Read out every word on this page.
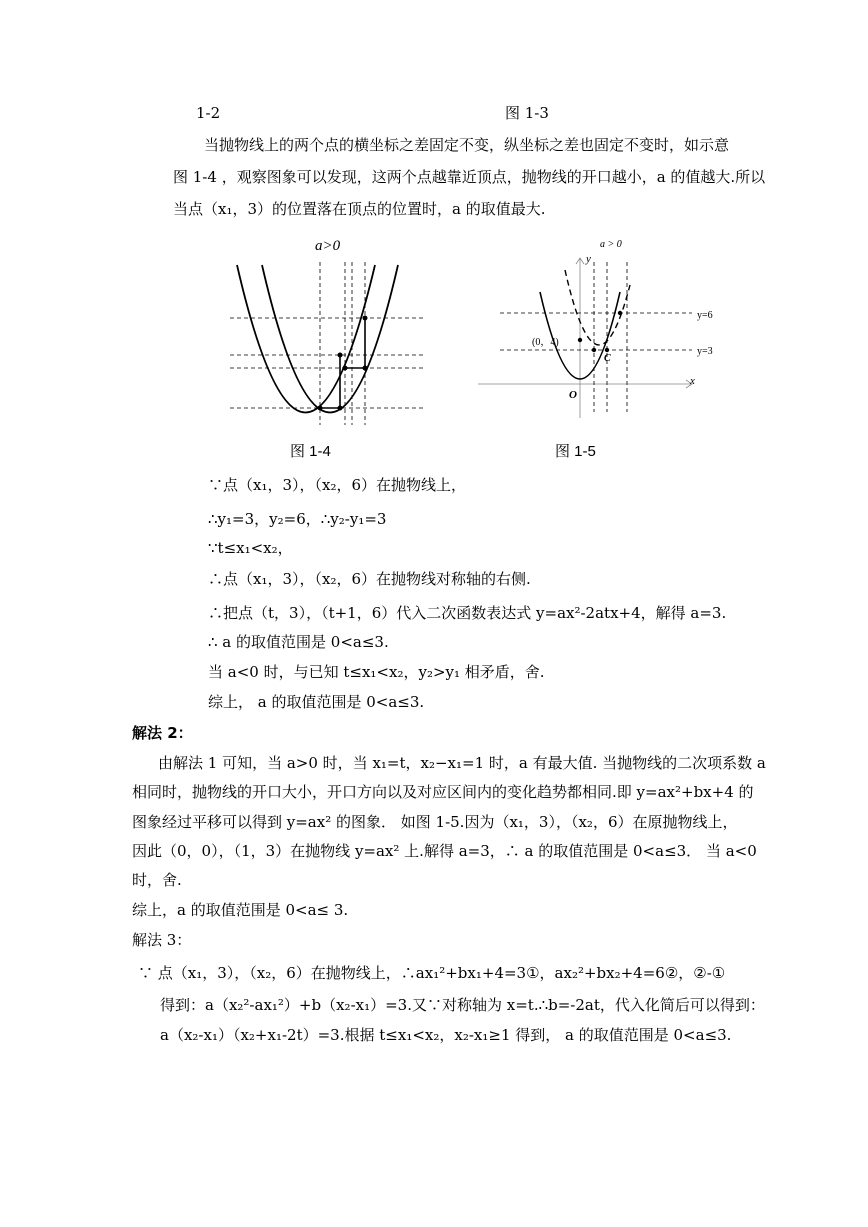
1-2	图 1-3
当抛物线上的两个点的横坐标之差固定不变，纵坐标之差也固定不变时，如示意
图 1-4 ，观察图象可以发现，这两个点越靠近顶点，抛物线的开口越小，a 的值越大.所以
当点（x₁，3）的位置落在顶点的位置时，a 的取值最大.
a>0
图 1-4
a > 0
y
x
y=6
y=3
(0，4)
C
O
图 1-5
∵点（x₁，3），（x₂，6）在抛物线上，
∴y₁=3，y₂=6，∴y₂-y₁=3
∵t≤x₁<x₂，
∴点（x₁，3），（x₂，6）在抛物线对称轴的右侧.
∴把点（t，3），（t+1，6）代入二次函数表达式 y=ax²-2atx+4，解得 a=3.
∴ a 的取值范围是 0<a≤3.
当 a<0 时，与已知 t≤x₁<x₂，y₂>y₁ 相矛盾，舍.
综上， a 的取值范围是 0<a≤3.
解法 2：
由解法 1 可知，当 a>0 时，当 x₁=t，x₂−x₁=1 时，a 有最大值. 当抛物线的二次项系数 a
相同时，抛物线的开口大小，开口方向以及对应区间内的变化趋势都相同.即 y=ax²+bx+4 的
图象经过平移可以得到 y=ax² 的图象． 如图 1-5.因为（x₁，3），（x₂，6）在原抛物线上，
因此（0，0），（1，3）在抛物线 y=ax² 上.解得 a=3，∴ a 的取值范围是 0<a≤3． 当 a<0
时，舍.
综上，a 的取值范围是 0<a≤ 3.
解法 3：
∵ 点（x₁，3），（x₂，6）在抛物线上，∴ax₁²+bx₁+4=3①，ax₂²+bx₂+4=6②，②-①
得到：a（x₂²-ax₁²）+b（x₂-x₁）=3.又∵对称轴为 x=t.∴b=-2at，代入化简后可以得到：
a（x₂-x₁）（x₂+x₁-2t）=3.根据 t≤x₁<x₂，x₂-x₁≥1 得到， a 的取值范围是 0<a≤3.
